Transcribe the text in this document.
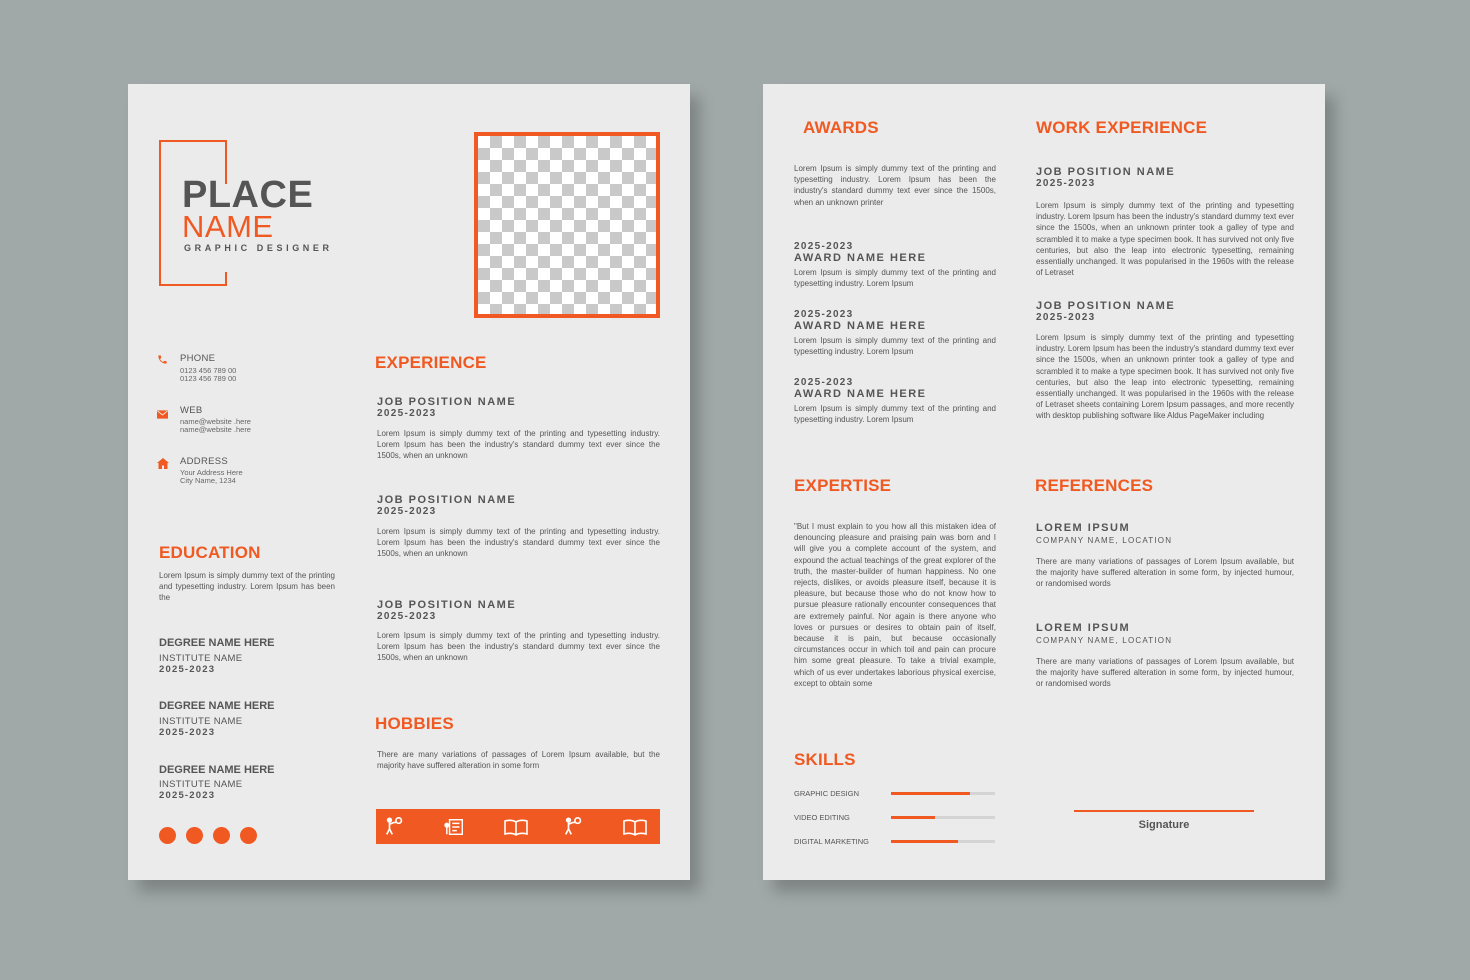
PLACE
NAME
GRAPHIC DESIGNER
PHONE
0123 456 789 00
0123 456 789 00
WEB
name@website .here
name@website .here
ADDRESS
Your Address Here
City Name, 1234
EDUCATION

Lorem Ipsum is simply dummy text of the printing and typesetting industry. Lorem Ipsum has been the

DEGREE NAME HERE
INSTITUTE NAME
2025-2023
DEGREE NAME HERE
INSTITUTE NAME
2025-2023
DEGREE NAME HERE
INSTITUTE NAME
2025-2023
EXPERIENCE
JOB POSITION NAME
2025-2023

Lorem Ipsum is simply dummy text of the printing and typesetting industry. Lorem Ipsum has been the industry's standard dummy text ever since the 1500s, when an unknown

JOB POSITION NAME
2025-2023

Lorem Ipsum is simply dummy text of the printing and typesetting industry. Lorem Ipsum has been the industry's standard dummy text ever since the 1500s, when an unknown

JOB POSITION NAME
2025-2023

Lorem Ipsum is simply dummy text of the printing and typesetting industry. Lorem Ipsum has been the industry's standard dummy text ever since the 1500s, when an unknown

HOBBIES

There are many variations of passages of Lorem Ipsum available, but the majority have suffered alteration in some form

AWARDS

Lorem Ipsum is simply dummy text of the printing and typesetting industry. Lorem Ipsum has been the industry's standard dummy text ever since the 1500s, when an unknown printer

2025-2023
AWARD NAME HERE

Lorem Ipsum is simply dummy text of the printing and typesetting industry. Lorem Ipsum

2025-2023
AWARD NAME HERE

Lorem Ipsum is simply dummy text of the printing and typesetting industry. Lorem Ipsum

2025-2023
AWARD NAME HERE

Lorem Ipsum is simply dummy text of the printing and typesetting industry. Lorem Ipsum

WORK EXPERIENCE
JOB POSITION NAME
2025-2023

Lorem Ipsum is simply dummy text of the printing and typesetting industry. Lorem Ipsum has been the industry's standard dummy text ever since the 1500s, when an unknown printer took a galley of type and scrambled it to make a type specimen book. It has survived not only five centuries, but also the leap into electronic typesetting, remaining essentially unchanged. It was popularised in the 1960s with the release of Letraset

JOB POSITION NAME
2025-2023

Lorem Ipsum is simply dummy text of the printing and typesetting industry. Lorem Ipsum has been the industry's standard dummy text ever since the 1500s, when an unknown printer took a galley of type and scrambled it to make a type specimen book. It has survived not only five centuries, but also the leap into electronic typesetting, remaining essentially unchanged. It was popularised in the 1960s with the release of Letraset sheets containing Lorem Ipsum passages, and more recently with desktop publishing software like Aldus PageMaker including

EXPERTISE

"But I must explain to you how all this mistaken idea of denouncing pleasure and praising pain was born and I will give you a complete account of the system, and expound the actual teachings of the great explorer of the truth, the master-builder of human happiness. No one rejects, dislikes, or avoids pleasure itself, because it is pleasure, but because those who do not know how to pursue pleasure rationally encounter consequences that are extremely painful. Nor again is there anyone who loves or pursues or desires to obtain pain of itself, because it is pain, but because occasionally circumstances occur in which toil and pain can procure him some great pleasure. To take a trivial example, which of us ever undertakes laborious physical exercise, except to obtain some

REFERENCES
LOREM IPSUM
COMPANY NAME, LOCATION

There are many variations of passages of Lorem Ipsum available, but the majority have suffered alteration in some form, by injected humour, or randomised words

LOREM IPSUM
COMPANY NAME, LOCATION

There are many variations of passages of Lorem Ipsum available, but the majority have suffered alteration in some form, by injected humour, or randomised words

SKILLS
GRAPHIC DESIGN
VIDEO EDITING
DIGITAL MARKETING
Signature
